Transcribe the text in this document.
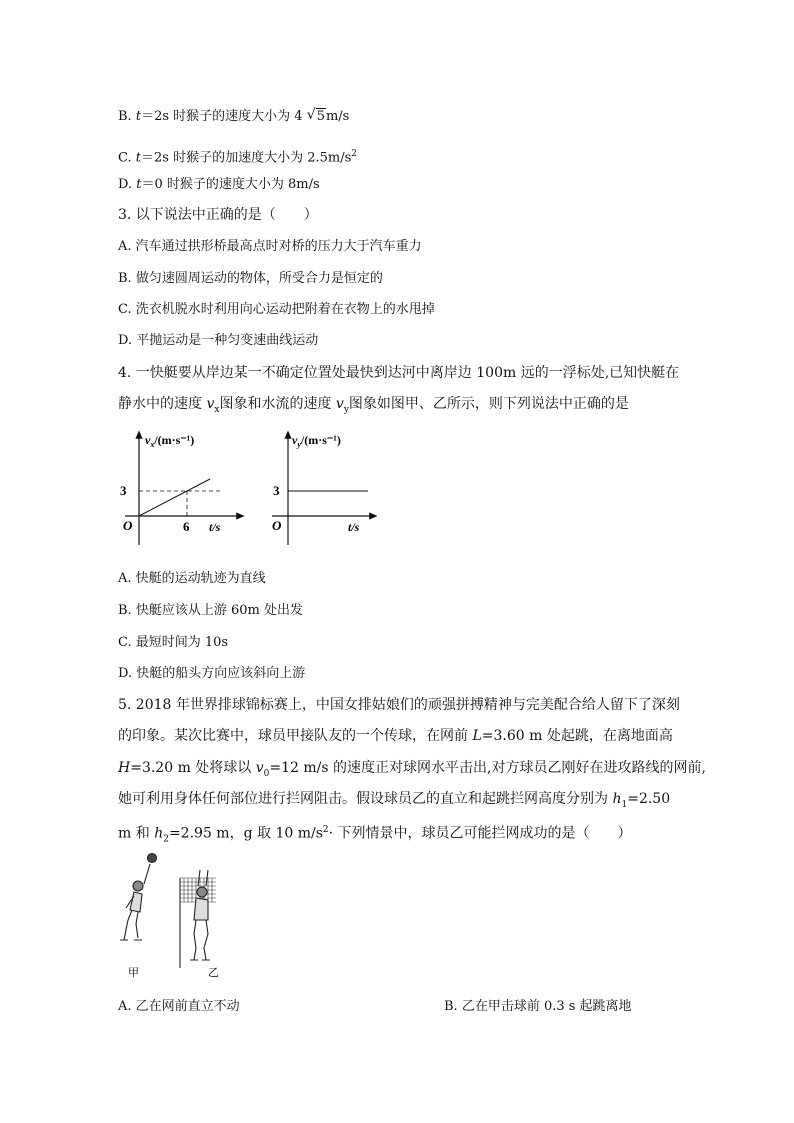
B. t＝2s 时猴子的速度大小为 4 √ 5m/s
C. t＝2s 时猴子的加速度大小为 $2.5m/s^2$
D. t＝0 时猴子的速度大小为 8m/s
3. 以下说法中正确的是（　　）
A. 汽车通过拱形桥最高点时对桥的压力大于汽车重力
B. 做匀速圆周运动的物体，所受合力是恒定的
C. 洗衣机脱水时利用向心运动把附着在衣物上的水甩掉
D. 平抛运动是一种匀变速曲线运动
4. 一快艇要从岸边某一不确定位置处最快到达河中离岸边 100m 远的一浮标处,已知快艇在
静水中的速度 $v_x$图象和水流的速度 $v_y$图象如图甲、乙所示，则下列说法中正确的是
$v_x/(m\cdot s^{-1})$
3
O	6 t/s
$v_y/(m\cdot s^{-1})$
3
O	t/s
A. 快艇的运动轨迹为直线
B. 快艇应该从上游 60m 处出发
C. 最短时间为 10s
D. 快艇的船头方向应该斜向上游
5. 2018 年世界排球锦标赛上，中国女排姑娘们的顽强拼搏精神与完美配合给人留下了深刻
的印象。某次比赛中，球员甲接队友的一个传球，在网前 L=3.60 m 处起跳，在离地面高
H=3.20 m 处将球以 $v_0=12$ m/s 的速度正对球网水平击出,对方球员乙刚好在进攻路线的网前,
她可利用身体任何部位进行拦网阻击。假设球员乙的直立和起跳拦网高度分别为 $h_1=2.50$
m 和 $h_2=2.95$ m，g 取 10 $m/s^2\cdot$ 下列情景中，球员乙可能拦网成功的是（　　）
甲	乙
A. 乙在网前直立不动	B. 乙在甲击球前 0.3 s 起跳离地
